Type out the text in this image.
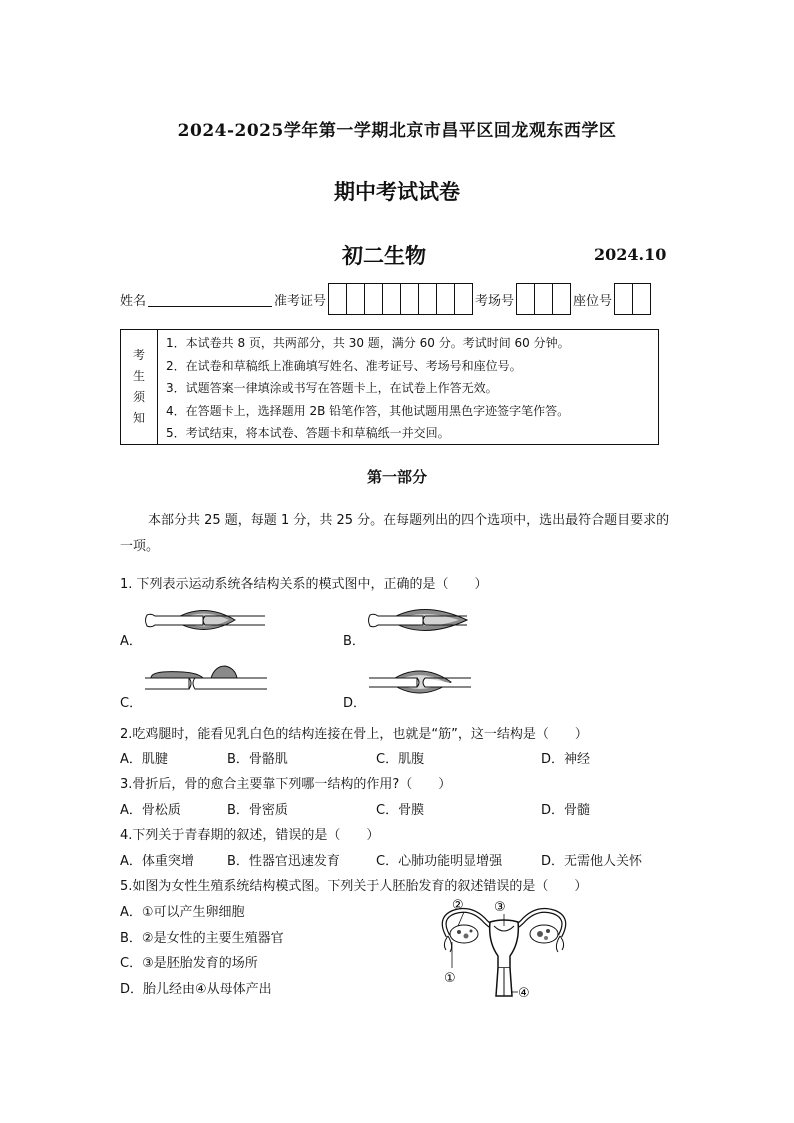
2024-2025学年第一学期北京市昌平区回龙观东西学区
期中考试试卷
初二生物	2024.10
姓名	准考证号	考场号	座位号
考
生
须
知
1．本试卷共 8 页，共两部分，共 30 题，满分 60 分。考试时间 60 分钟。
2．在试卷和草稿纸上准确填写姓名、准考证号、考场号和座位号。
3．试题答案一律填涂或书写在答题卡上，在试卷上作答无效。
4．在答题卡上，选择题用 2B 铅笔作答，其他试题用黑色字迹签字笔作答。
5．考试结束，将本试卷、答题卡和草稿纸一并交回。
第一部分
本部分共 25 题，每题 1 分，共 25 分。在每题列出的四个选项中，选出最符合题目要求的一项。
1. 下列表示运动系统各结构关系的模式图中，正确的是（　　）
A．	B．
C．	D．
2.吃鸡腿时，能看见乳白色的结构连接在骨上，也就是“筋”，这一结构是（　　）
A．肌腱	B．骨骼肌	C．肌腹	D．神经
3.骨折后，骨的愈合主要靠下列哪一结构的作用?（　　）
A．骨松质	B．骨密质	C．骨膜	D．骨髓
4.下列关于青春期的叙述，错误的是（　　）
A．体重突增	B．性器官迅速发育	C．心肺功能明显增强	D．无需他人关怀
5.如图为女性生殖系统结构模式图。下列关于人胚胎发育的叙述错误的是（　　）
A．①可以产生卵细胞
B．②是女性的主要生殖器官
C．③是胚胎发育的场所
D．胎儿经由④从母体产出
② ③
①
④
